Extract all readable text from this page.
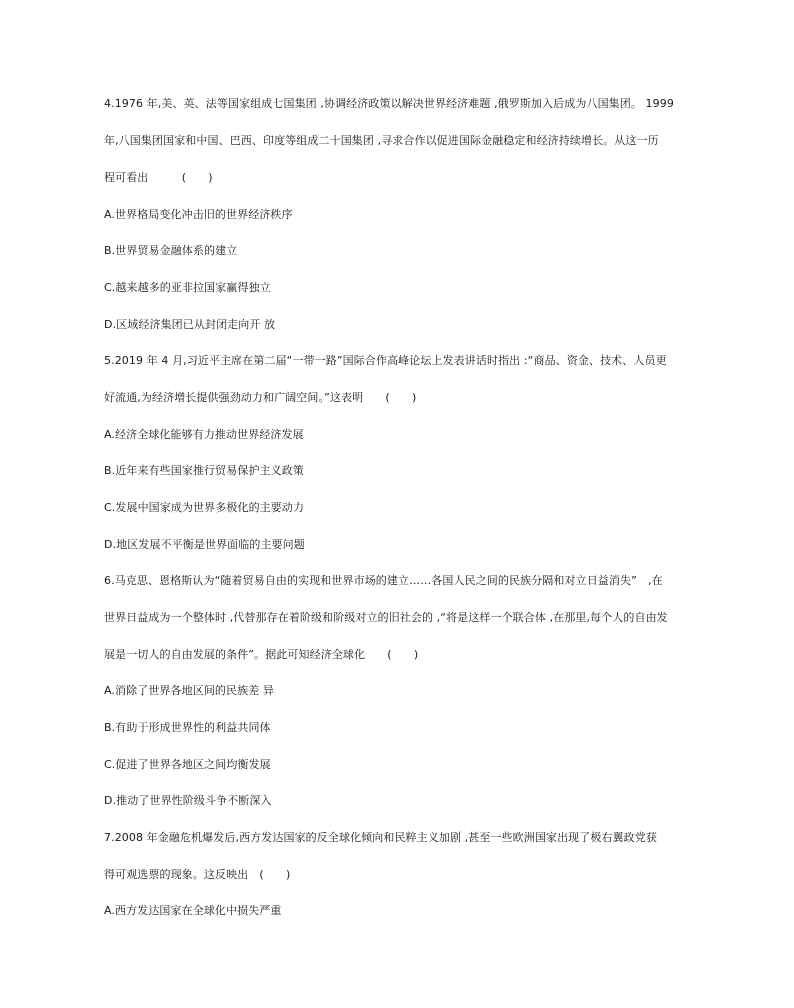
4.1976 年,美、英、法等国家组成七国集团 ,协调经济政策以解决世界经济难题 ,俄罗斯加入后成为八国集团。 1999
年,八国集团国家和中国、巴西、印度等组成二十国集团 ,寻求合作以促进国际金融稳定和经济持续增长。从这一历
程可看出　　　(　　)
A.世界格局变化冲击旧的世界经济秩序
B.世界贸易金融体系的建立
C.越来越多的亚非拉国家赢得独立
D.区域经济集团已从封闭走向开 放
5.2019 年 4 月,习近平主席在第二届“一带一路”国际合作高峰论坛上发表讲话时指出 :“商品、资金、技术、人员更
好流通,为经济增长提供强劲动力和广阔空间。”这表明　　(　　)
A.经济全球化能够有力推动世界经济发展
B.近年来有些国家推行贸易保护主义政策
C.发展中国家成为世界多极化的主要动力
D.地区发展不平衡是世界面临的主要问题
6.马克思、恩格斯认为“随着贸易自由的实现和世界市场的建立……各国人民之间的民族分隔和对立日益消失”　,在
世界日益成为一个整体时 ,代替那存在着阶级和阶级对立的旧社会的 ,“将是这样一个联合体 ,在那里,每个人的自由发
展是一切人的自由发展的条件”。据此可知经济全球化　　(　　)
A.消除了世界各地区间的民族差 异
B.有助于形成世界性的利益共同体
C.促进了世界各地区之间均衡发展
D.推动了世界性阶级斗争不断深入
7.2008 年金融危机爆发后,西方发达国家的反全球化倾向和民粹主义加剧 ,甚至一些欧洲国家出现了极右翼政党获
得可观选票的现象。这反映出　(　　)
A.西方发达国家在全球化中损失严重
